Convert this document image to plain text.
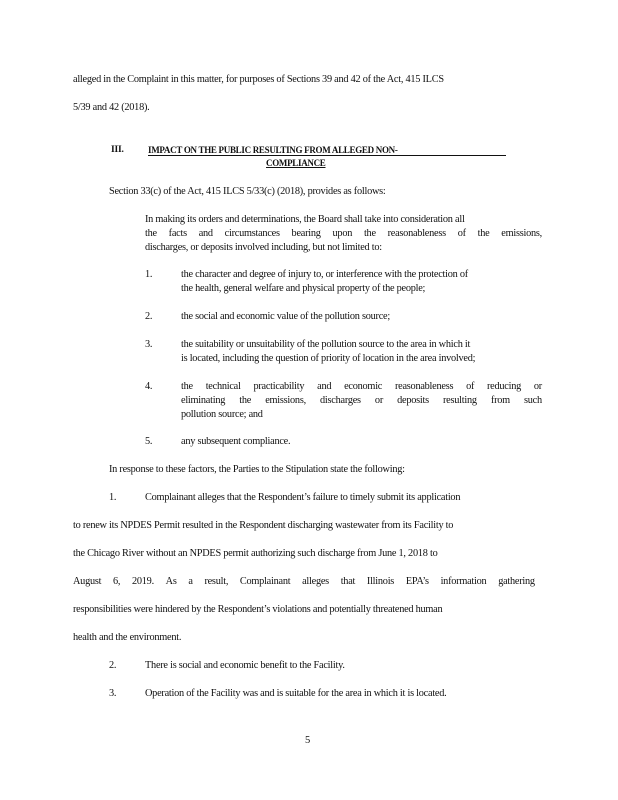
alleged in the Complaint in this matter, for purposes of Sections 39 and 42 of the Act, 415 ILCS
5/39 and 42 (2018).
III.	IMPACT ON THE PUBLIC RESULTING FROM ALLEGED NON-
COMPLIANCE
Section 33(c) of the Act, 415 ILCS 5/33(c) (2018), provides as follows:
In making its orders and determinations, the Board shall take into consideration all
the facts and circumstances bearing upon the reasonableness of the emissions,
discharges, or deposits involved including, but not limited to:
1.	the character and degree of injury to, or interference with the protection of
the health, general welfare and physical property of the people;
2.	the social and economic value of the pollution source;
3.	the suitability or unsuitability of the pollution source to the area in which it
is located, including the question of priority of location in the area involved;
4.	the technical practicability and economic reasonableness of reducing or
eliminating the emissions, discharges or deposits resulting from such
pollution source; and
5.	any subsequent compliance.
In response to these factors, the Parties to the Stipulation state the following:
1.	Complainant alleges that the Respondent’s failure to timely submit its application
to renew its NPDES Permit resulted in the Respondent discharging wastewater from its Facility to
the Chicago River without an NPDES permit authorizing such discharge from June 1, 2018 to
August 6, 2019. As a result, Complainant alleges that Illinois EPA’s information gathering
responsibilities were hindered by the Respondent’s violations and potentially threatened human
health and the environment.
2.	There is social and economic benefit to the Facility.
3.	Operation of the Facility was and is suitable for the area in which it is located.
5
